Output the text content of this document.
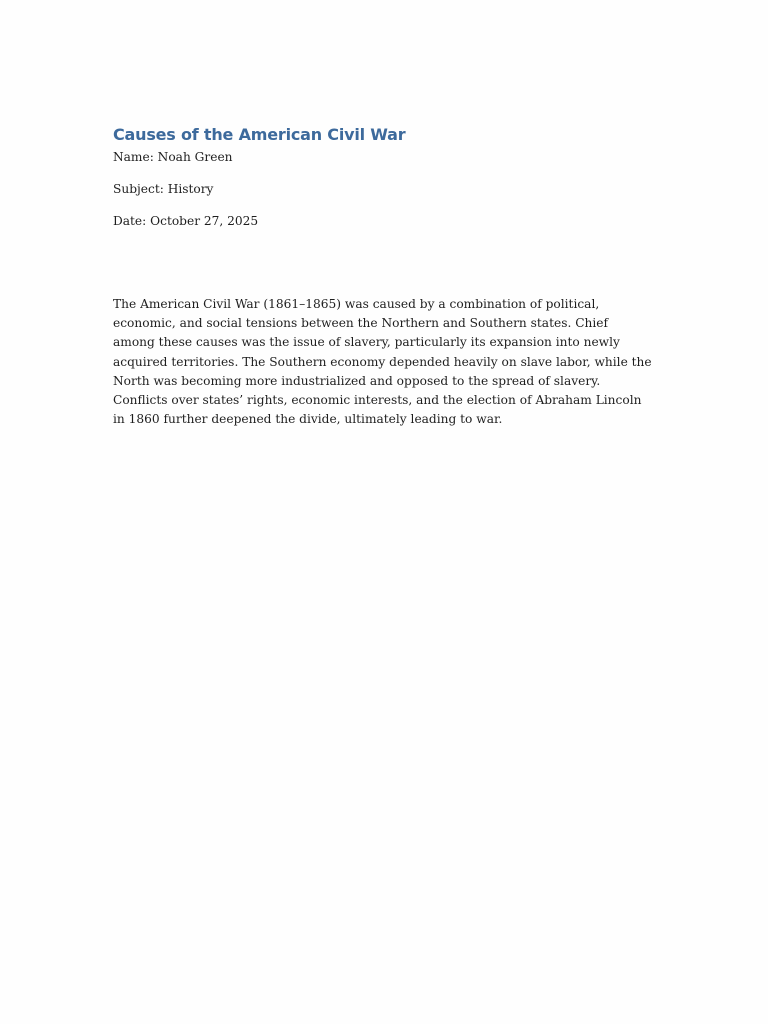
Causes of the American Civil War

Name: Noah Green

Subject: History

Date: October 27, 2025

The American Civil War (1861–1865) was caused by a combination of political, economic, and social tensions between the Northern and Southern states. Chief among these causes was the issue of slavery, particularly its expansion into newly acquired territories. The Southern economy depended heavily on slave labor, while the North was becoming more industrialized and opposed to the spread of slavery. Conflicts over states’ rights, economic interests, and the election of Abraham Lincoln in 1860 further deepened the divide, ultimately leading to war.
